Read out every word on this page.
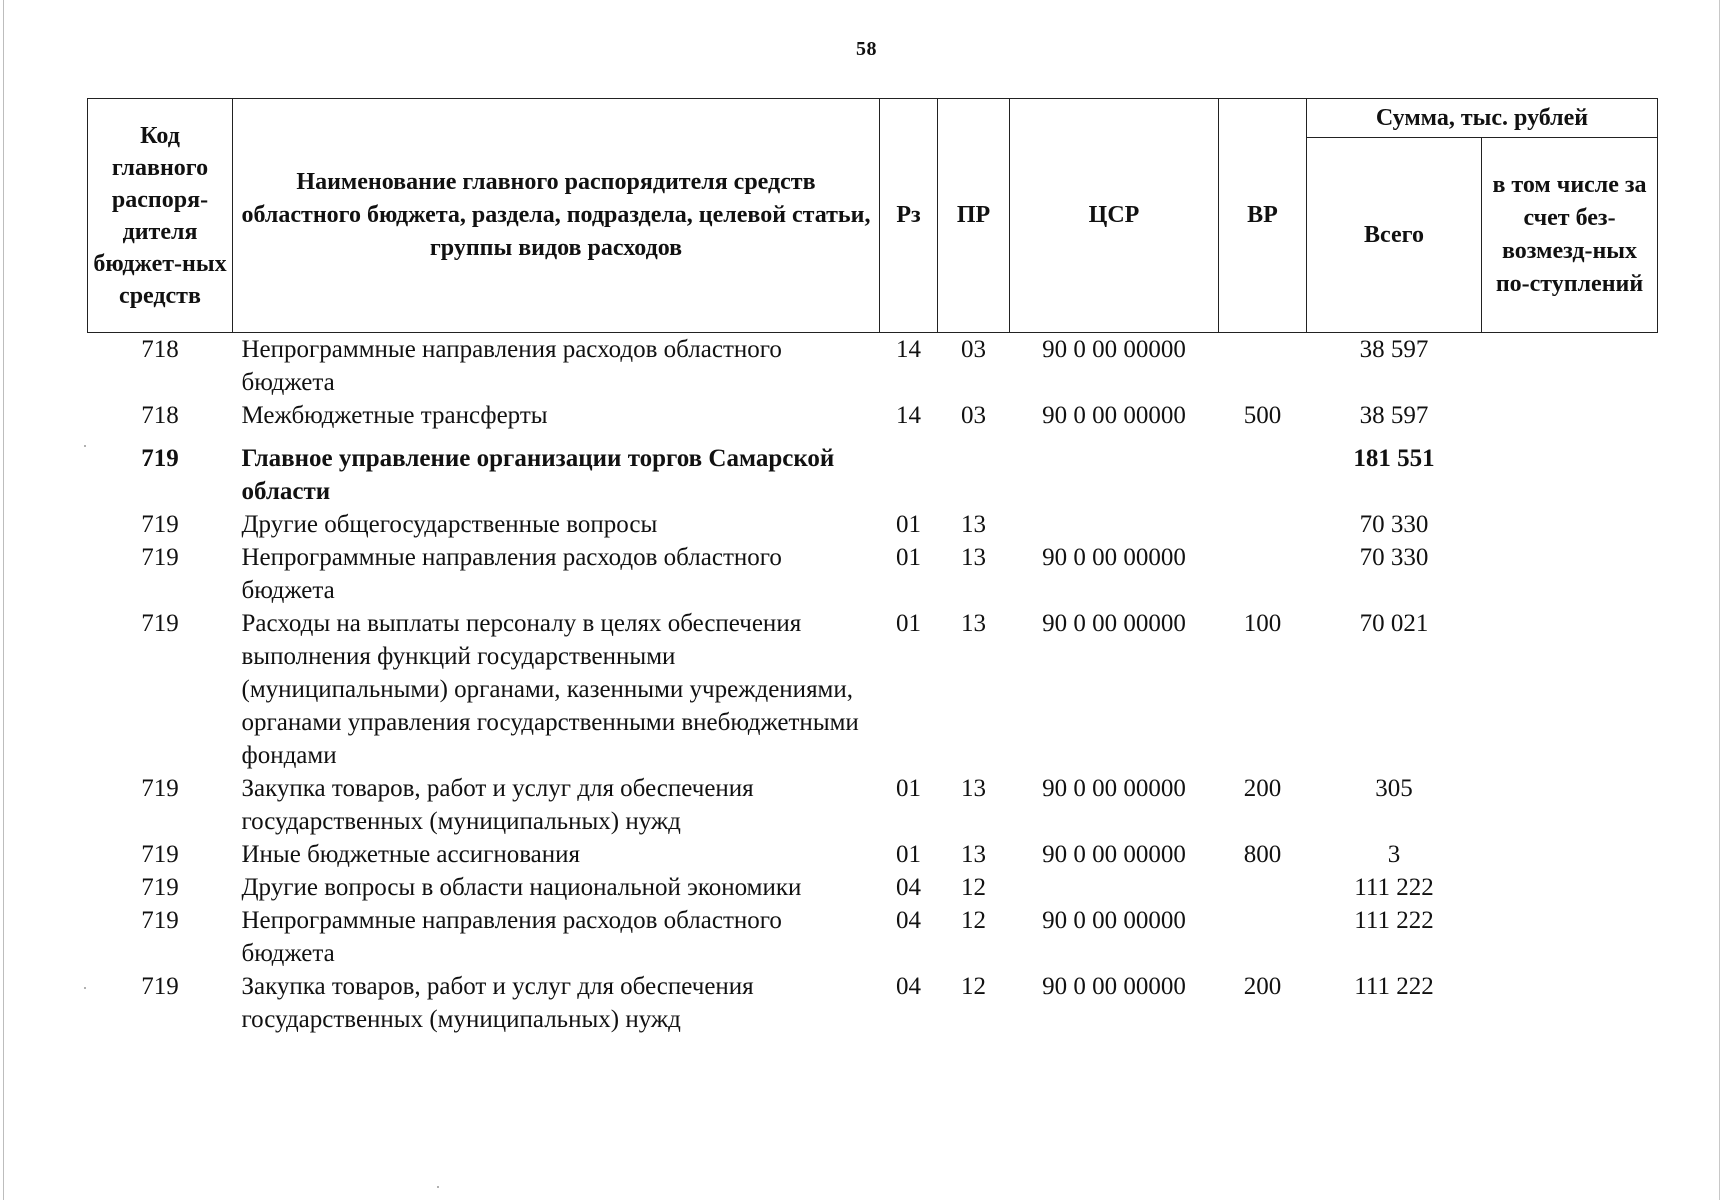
58
Код главного распоря-дителя бюджет-ных средств	Наименование главного распорядителя средств областного бюджета, раздела, подраздела, целевой статьи, группы видов расходов	Рз	ПР	ЦСР	ВР	Сумма, тыс. рублей	
						Всего	в том числе за счет без-возмезд-ных по-ступлений
718	Непрограммные направления расходов областного бюджета	14	03	90 0 00 00000		38 597	
718	Межбюджетные трансферты	14	03	90 0 00 00000	500	38 597	
719	Главное управление организации торгов Самарской области					181 551	
719	Другие общегосударственные вопросы	01	13			70 330	
719	Непрограммные направления расходов областного бюджета	01	13	90 0 00 00000		70 330	
719	Расходы на выплаты персоналу в целях обеспечения выполнения функций государственными (муниципальными) органами, казенными учреждениями, органами управления государственными внебюджетными фондами	01	13	90 0 00 00000	100	70 021	
719	Закупка товаров, работ и услуг для обеспечения государственных (муниципальных) нужд	01	13	90 0 00 00000	200	305	
719	Иные бюджетные ассигнования	01	13	90 0 00 00000	800	3	
719	Другие вопросы в области национальной экономики	04	12			111 222	
719	Непрограммные направления расходов областного бюджета	04	12	90 0 00 00000		111 222	
719	Закупка товаров, работ и услуг для обеспечения государственных (муниципальных) нужд	04	12	90 0 00 00000	200	111 222	
